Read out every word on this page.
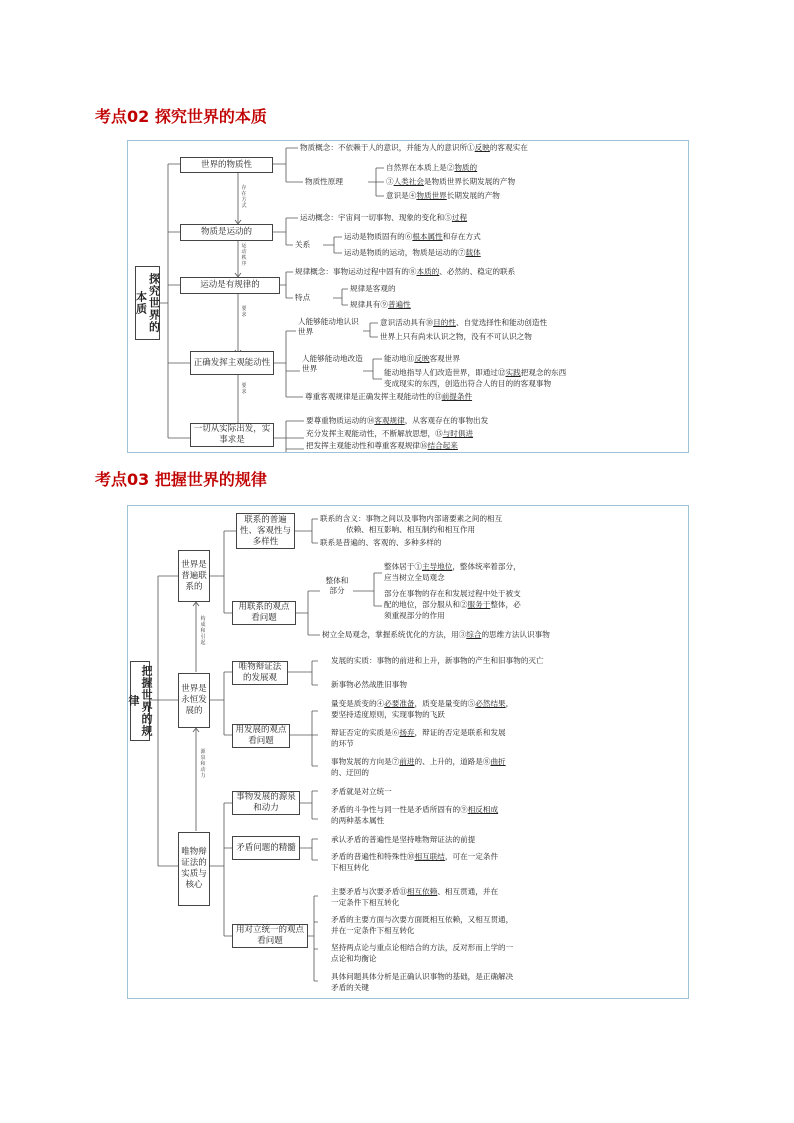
考点02 探究世界的本质
探究世界的本质
世界的物质性
物质是运动的
运动是有规律的
正确发挥主观能动性
一切从实际出发，实事求是
存在方式
运动秩序
要求
要求
物质概念：不依赖于人的意识，并能为人的意识所①反映的客观实在
物质性原理
自然界在本质上是②物质的
③人类社会是物质世界长期发展的产物
意识是④物质世界长期发展的产物
运动概念：宇宙间一切事物、现象的变化和⑤过程
关系
运动是物质固有的⑥根本属性和存在方式
运动是物质的运动，物质是运动的⑦载体
规律概念：事物运动过程中固有的⑧本质的、必然的、稳定的联系
特点
规律是客观的
规律具有⑨普遍性
人能够能动地认识世界
意识活动具有⑩目的性、自觉选择性和能动创造性
世界上只有尚未认识之物，没有不可认识之物
人能够能动地改造世界
能动地⑪反映客观世界
能动地指导人们改造世界，即通过⑫实践把观念的东西
变成现实的东西，创造出符合人的目的的客观事物
尊重客观规律是正确发挥主观能动性的⑬前提条件
要尊重物质运动的⑭客观规律，从客观存在的事物出发
充分发挥主观能动性，不断解放思想，⑮与时俱进
把发挥主观能动性和尊重客观规律⑯结合起来
考点03 把握世界的规律
把握世界的规律
世界是普遍联系的
世界是永恒发展的
唯物辩证法的实质与核心
构成和引起
源泉和动力
联系的普遍性、客观性与多样性
用联系的观点看问题
唯物辩证法的发展观
用发展的观点看问题
事物发展的源泉和动力
矛盾问题的精髓
用对立统一的观点看问题
联系的含义：事物之间以及事物内部诸要素之间的相互
依赖、相互影响、相互制约和相互作用
联系是普遍的、客观的、多种多样的
整体和部分
整体居于①主导地位，整体统率着部分，
应当树立全局观念
部分在事物的存在和发展过程中处于被支
配的地位，部分服从和②服务于整体，必
须重视部分的作用
树立全局观念，掌握系统优化的方法，用③综合的思维方法认识事物
发展的实质：事物的前进和上升，新事物的产生和旧事物的灭亡
新事物必然战胜旧事物
量变是质变的④必要准备，质变是量变的⑤必然结果，
要坚持适度原则，实现事物的飞跃
辩证否定的实质是⑥扬弃，辩证的否定是联系和发展
的环节
事物发展的方向是⑦前进的、上升的，道路是⑧曲折
的、迂回的
矛盾就是对立统一
矛盾的斗争性与同一性是矛盾所固有的⑨相反相成
的两种基本属性
承认矛盾的普遍性是坚持唯物辩证法的前提
矛盾的普遍性和特殊性⑩相互联结，可在一定条件
下相互转化
主要矛盾与次要矛盾⑪相互依赖、相互贯通，并在
一定条件下相互转化
矛盾的主要方面与次要方面既相互依赖，又相互贯通，
并在一定条件下相互转化
坚持两点论与重点论相结合的方法，反对形而上学的一
点论和均衡论
具体问题具体分析是正确认识事物的基础，是正确解决
矛盾的关键
